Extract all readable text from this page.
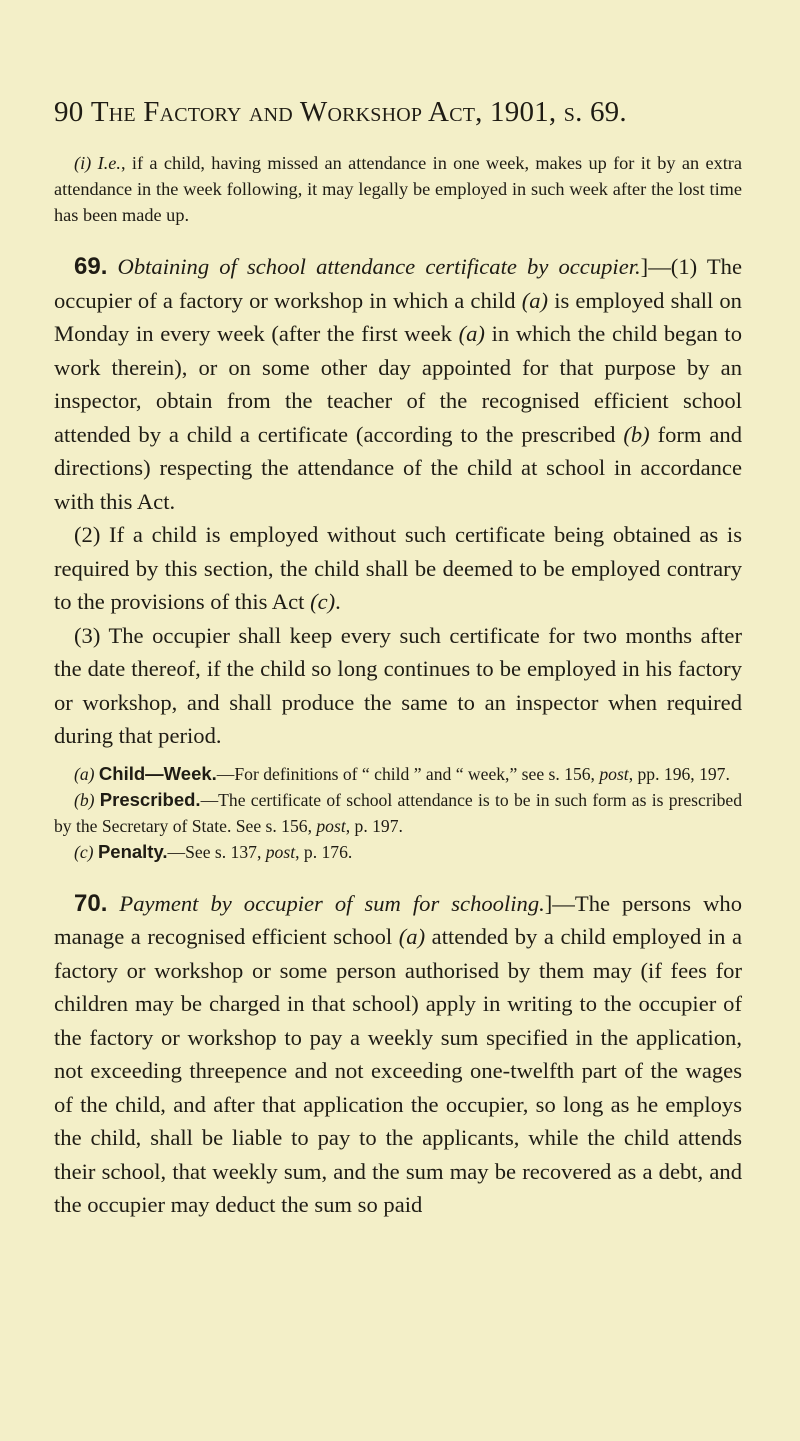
90 The Factory and Workshop Act, 1901, s. 69.

(i) I.e., if a child, having missed an attendance in one week, makes up for it by an extra attendance in the week following, it may legally be employed in such week after the lost time has been made up.

69. Obtaining of school attendance certificate by occupier.]—(1) The occupier of a factory or workshop in which a child (a) is employed shall on Monday in every week (after the first week (a) in which the child began to work therein), or on some other day appointed for that purpose by an inspector, obtain from the teacher of the recognised efficient school attended by a child a certificate (according to the prescribed (b) form and directions) respecting the attendance of the child at school in accordance with this Act.

(2) If a child is employed without such certificate being obtained as is required by this section, the child shall be deemed to be employed contrary to the provisions of this Act (c).

(3) The occupier shall keep every such certificate for two months after the date thereof, if the child so long continues to be employed in his factory or workshop, and shall produce the same to an inspector when required during that period.

(a) Child—Week.—For definitions of “ child ” and “ week,” see s. 156, post, pp. 196, 197.

(b) Prescribed.—The certificate of school attendance is to be in such form as is prescribed by the Secretary of State. See s. 156, post, p. 197.

(c) Penalty.—See s. 137, post, p. 176.

70. Payment by occupier of sum for schooling.]—The persons who manage a recognised efficient school (a) attended by a child employed in a factory or workshop or some person authorised by them may (if fees for children may be charged in that school) apply in writing to the occupier of the factory or workshop to pay a weekly sum specified in the application, not exceeding threepence and not exceeding one-twelfth part of the wages of the child, and after that application the occupier, so long as he employs the child, shall be liable to pay to the applicants, while the child attends their school, that weekly sum, and the sum may be recovered as a debt, and the occupier may deduct the sum so paid
